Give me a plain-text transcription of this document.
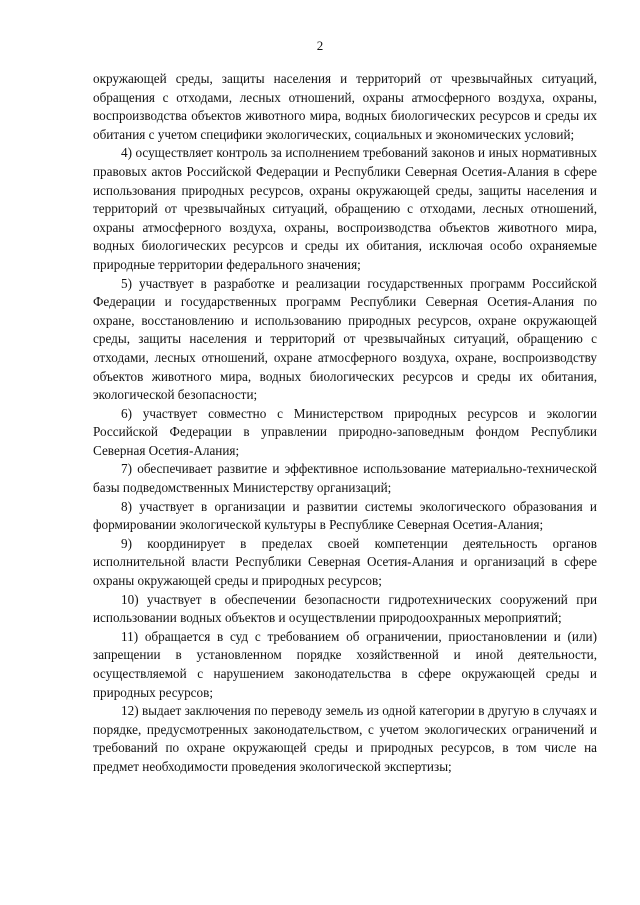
2

окружающей среды, защиты населения и территорий от чрезвычайных ситуаций, обращения с отходами, лесных отношений, охраны атмосферного воздуха, охраны, воспроизводства объектов животного мира, водных биологических ресурсов и среды их обитания с учетом специфики экологических, социальных и экономических условий;

4) осуществляет контроль за исполнением требований законов и иных нормативных правовых актов Российской Федерации и Республики Северная Осетия-Алания в сфере использования природных ресурсов, охраны окружающей среды, защиты населения и территорий от чрезвычайных ситуаций, обращению с отходами, лесных отношений, охраны атмосферного воздуха, охраны, воспроизводства объектов животного мира, водных биологических ресурсов и среды их обитания, исключая особо охраняемые природные территории федерального значения;

5) участвует в разработке и реализации государственных программ Российской Федерации и государственных программ Республики Северная Осетия-Алания по охране, восстановлению и использованию природных ресурсов, охране окружающей среды, защиты населения и территорий от чрезвычайных ситуаций, обращению с отходами, лесных отношений, охране атмосферного воздуха, охране, воспроизводству объектов животного мира, водных биологических ресурсов и среды их обитания, экологической безопасности;

6) участвует совместно с Министерством природных ресурсов и экологии Российской Федерации в управлении природно-заповедным фондом Республики Северная Осетия-Алания;

7) обеспечивает развитие и эффективное использование материально-технической базы подведомственных Министерству организаций;

8) участвует в организации и развитии системы экологического образования и формировании экологической культуры в Республике Северная Осетия-Алания;

9) координирует в пределах своей компетенции деятельность органов исполнительной власти Республики Северная Осетия-Алания и организаций в сфере охраны окружающей среды и природных ресурсов;

10) участвует в обеспечении безопасности гидротехнических сооружений при использовании водных объектов и осуществлении природоохранных мероприятий;

11) обращается в суд с требованием об ограничении, приостановлении и (или) запрещении в установленном порядке хозяйственной и иной деятельности, осуществляемой с нарушением законодательства в сфере окружающей среды и природных ресурсов;

12) выдает заключения по переводу земель из одной категории в другую в случаях и порядке, предусмотренных законодательством, с учетом экологических ограничений и требований по охране окружающей среды и природных ресурсов, в том числе на предмет необходимости проведения экологической экспертизы;
